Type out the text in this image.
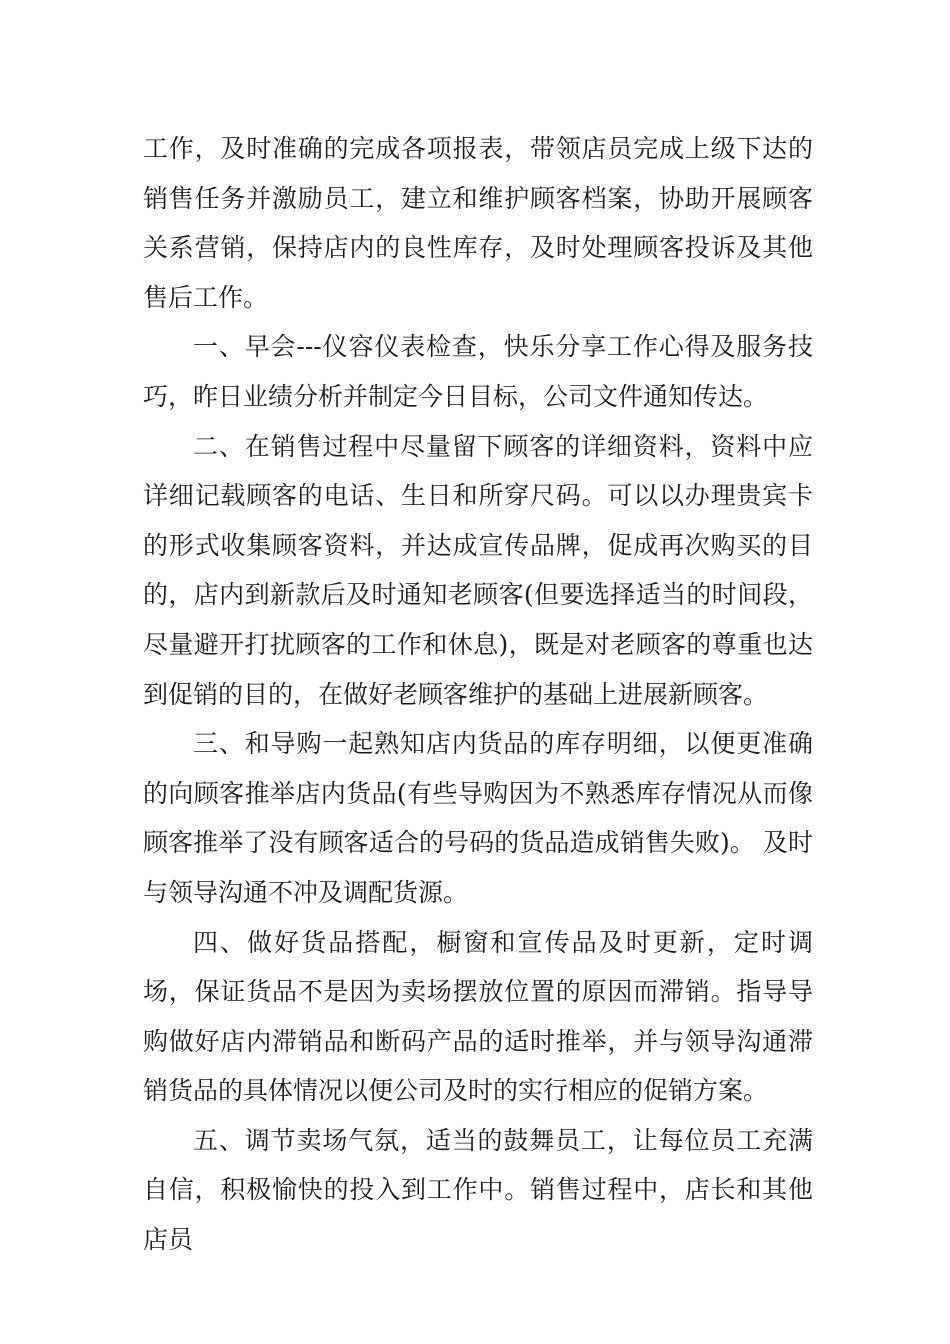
工作，及时准确的完成各项报表，带领店员完成上级下达的销售任务并激励员工，建立和维护顾客档案，协助开展顾客关系营销，保持店内的良性库存，及时处理顾客投诉及其他售后工作。

一、早会---仪容仪表检查，快乐分享工作心得及服务技巧，昨日业绩分析并制定今日目标，公司文件通知传达。

二、在销售过程中尽量留下顾客的详细资料，资料中应详细记载顾客的电话、生日和所穿尺码。可以以办理贵宾卡的形式收集顾客资料，并达成宣传品牌，促成再次购买的目的，店内到新款后及时通知老顾客(但要选择适当的时间段，尽量避开打扰顾客的工作和休息)，既是对老顾客的尊重也达到促销的目的，在做好老顾客维护的基础上进展新顾客。

三、和导购一起熟知店内货品的库存明细，以便更准确的向顾客推举店内货品(有些导购因为不熟悉库存情况从而像顾客推举了没有顾客适合的号码的货品造成销售失败)。 及时与领导沟通不冲及调配货源。

四、做好货品搭配，橱窗和宣传品及时更新，定时调场，保证货品不是因为卖场摆放位置的原因而滞销。指导导购做好店内滞销品和断码产品的适时推举，并与领导沟通滞销货品的具体情况以便公司及时的实行相应的促销方案。

五、调节卖场气氛，适当的鼓舞员工，让每位员工充满自信，积极愉快的投入到工作中。销售过程中，店长和其他店员
